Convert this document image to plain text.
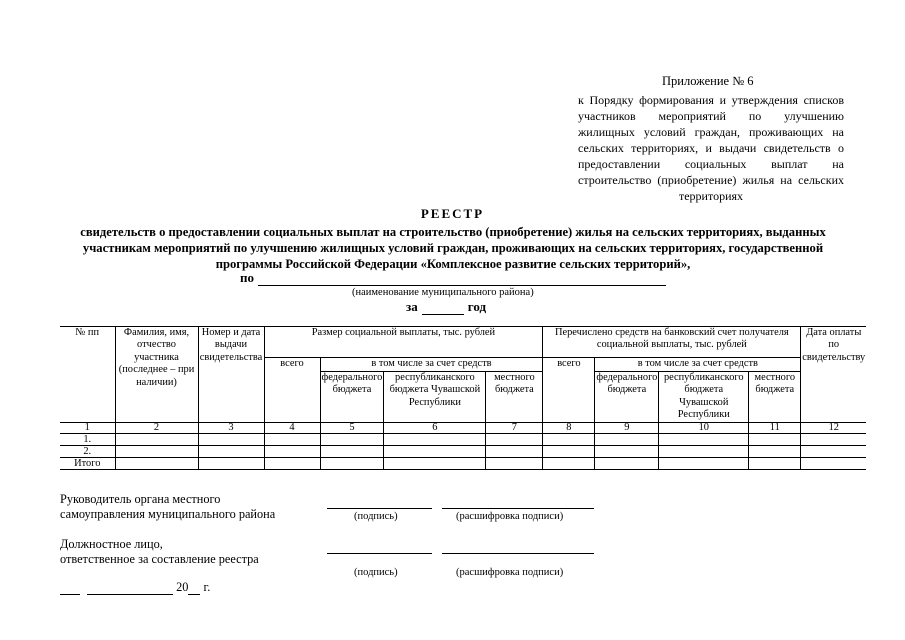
Приложение № 6
к Порядку формирования и утверждения списков участников мероприятий по улучшению жилищных условий граждан, проживающих на сельских территориях, и выдачи свидетельств о предоставлении социальных выплат на строительство (приобретение) жилья на сельских территориях
РЕЕСТР
свидетельств о предоставлении социальных выплат на строительство (приобретение) жилья на сельских территориях, выданных участникам мероприятий по улучшению жилищных условий граждан, проживающих на сельских территориях, государственной программы Российской Федерации «Комплексное развитие сельских территорий»,
по
(наименование муниципального района)
за	год
№ пп	Фамилия, имя, отчество участника (последнее – при наличии)	Номер и дата выдачи свидетельства	Размер социальной выплаты, тыс. рублей				Перечислено средств на банковский счет получателя социальной выплаты, тыс. рублей				Дата оплаты по свидетельству
			всего	в том числе за счет средств			всего	в том числе за счет средств			
				федерального бюджета	республиканского бюджета Чувашской Республики	местного бюджета		федерального бюджета	республиканского бюджета Чувашской Республики	местного бюджета	
1	2	3	4	5	6	7	8	9	10	11	12
1.											
2.											
Итого											
Руководитель органа местного
самоуправления муниципального района	(подпись)	(расшифровка подписи)
Должностное лицо,
ответственное за составление реестра
(подпись)	(расшифровка подписи)
20 г.
